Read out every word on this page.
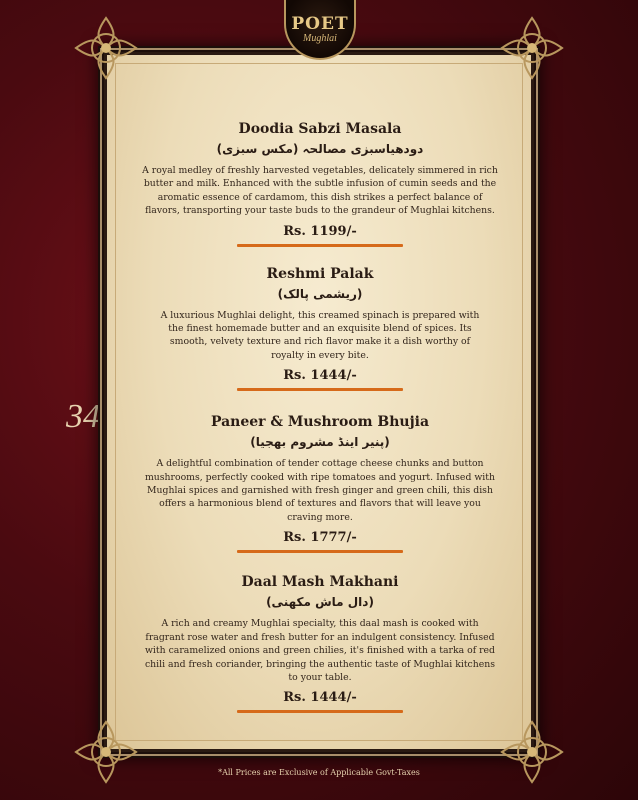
34
POET
Mughlai
Doodia Sabzi Masala
دودھیاسبزی مصالحہ (مکس سبزی)
A royal medley of freshly harvested vegetables, delicately simmered in rich butter and milk. Enhanced with the subtle infusion of cumin seeds and the aromatic essence of cardamom, this dish strikes a perfect balance of flavors, transporting your taste buds to the grandeur of Mughlai kitchens.
Rs. 1199/-
Reshmi Palak
(ریشمی پالک)
A luxurious Mughlai delight, this creamed spinach is prepared with the finest homemade butter and an exquisite blend of spices. Its smooth, velvety texture and rich flavor make it a dish worthy of royalty in every bite.
Rs. 1444/-
Paneer & Mushroom Bhujia
(پنیر اینڈ مشروم بھجیا)
A delightful combination of tender cottage cheese chunks and button mushrooms, perfectly cooked with ripe tomatoes and yogurt. Infused with Mughlai spices and garnished with fresh ginger and green chili, this dish offers a harmonious blend of textures and flavors that will leave you craving more.
Rs. 1777/-
Daal Mash Makhani
(دال ماش مکھنی)
A rich and creamy Mughlai specialty, this daal mash is cooked with fragrant rose water and fresh butter for an indulgent consistency. Infused with caramelized onions and green chilies, it's finished with a tarka of red chili and fresh coriander, bringing the authentic taste of Mughlai kitchens to your table.
Rs. 1444/-
*All Prices are Exclusive of Applicable Govt-Taxes
